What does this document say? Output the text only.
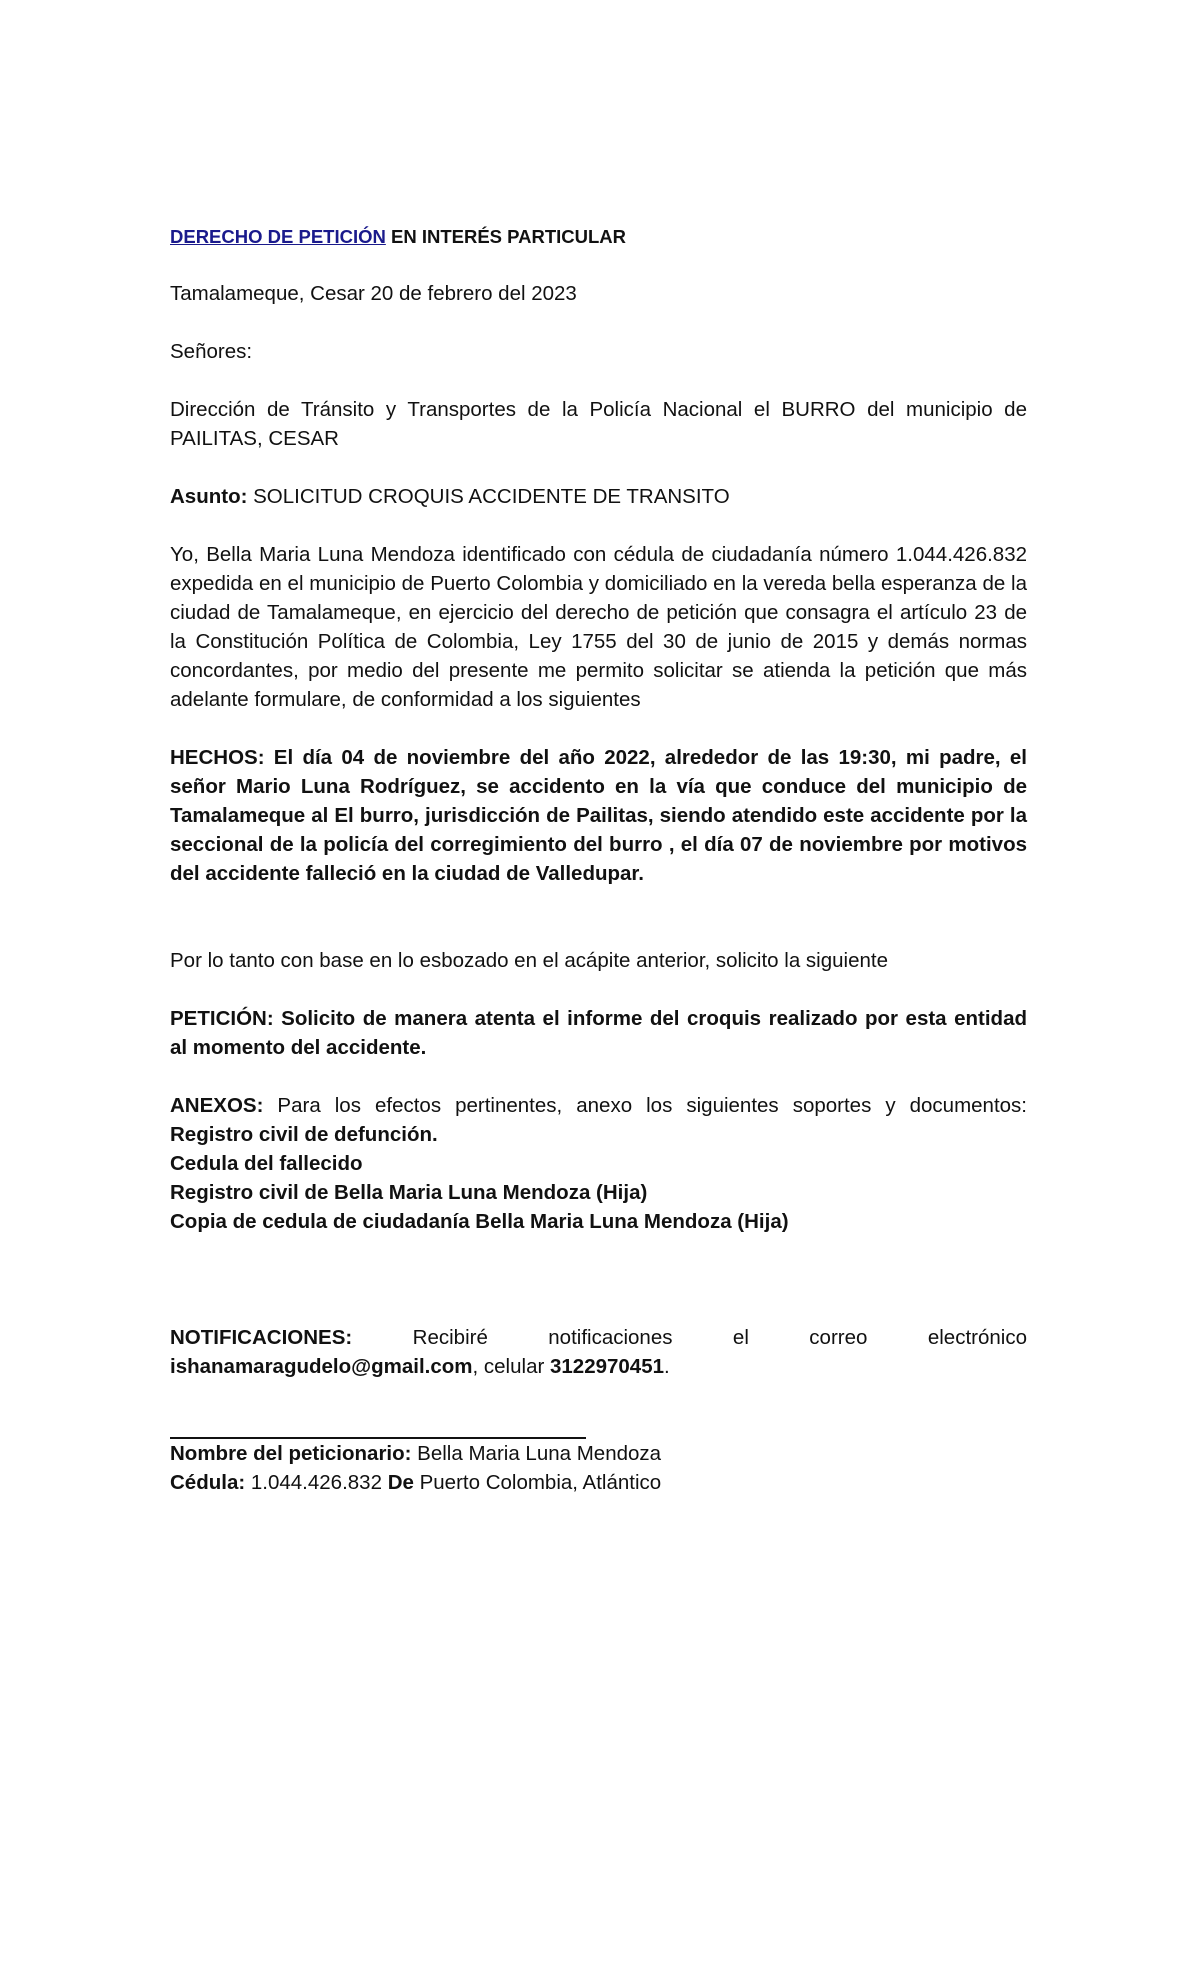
DERECHO DE PETICIÓN EN INTERÉS PARTICULAR

Tamalameque, Cesar 20 de febrero del 2023

Señores:

Dirección de Tránsito y Transportes de la Policía Nacional el BURRO del municipio de PAILITAS, CESAR

Asunto: SOLICITUD CROQUIS ACCIDENTE DE TRANSITO

Yo, Bella Maria Luna Mendoza identificado con cédula de ciudadanía número 1.044.426.832 expedida en el municipio de Puerto Colombia y domiciliado en la vereda bella esperanza de la ciudad de Tamalameque, en ejercicio del derecho de petición que consagra el artículo 23 de la Constitución Política de Colombia, Ley 1755 del 30 de junio de 2015 y demás normas concordantes, por medio del presente me permito solicitar se atienda la petición que más adelante formulare, de conformidad a los siguientes

HECHOS: El día 04 de noviembre del año 2022, alrededor de las 19:30, mi padre, el señor Mario Luna Rodríguez, se accidento en la vía que conduce del municipio de Tamalameque al El burro, jurisdicción de Pailitas, siendo atendido este accidente por la seccional de la policía del corregimiento del burro , el día 07 de noviembre por motivos del accidente falleció en la ciudad de Valledupar.

Por lo tanto con base en lo esbozado en el acápite anterior, solicito la siguiente

PETICIÓN: Solicito de manera atenta el informe del croquis realizado por esta entidad al momento del accidente.

ANEXOS: Para los efectos pertinentes, anexo los siguientes soportes y documentos:

Registro civil de defunción.

Cedula del fallecido

Registro civil de Bella Maria Luna Mendoza (Hija)

Copia de cedula de ciudadanía Bella Maria Luna Mendoza (Hija)

NOTIFICACIONES: Recibiré notificaciones el correo electrónico

ishanamaragudelo@gmail.com, celular 3122970451.

Nombre del peticionario: Bella Maria Luna Mendoza

Cédula: 1.044.426.832 De Puerto Colombia, Atlántico
